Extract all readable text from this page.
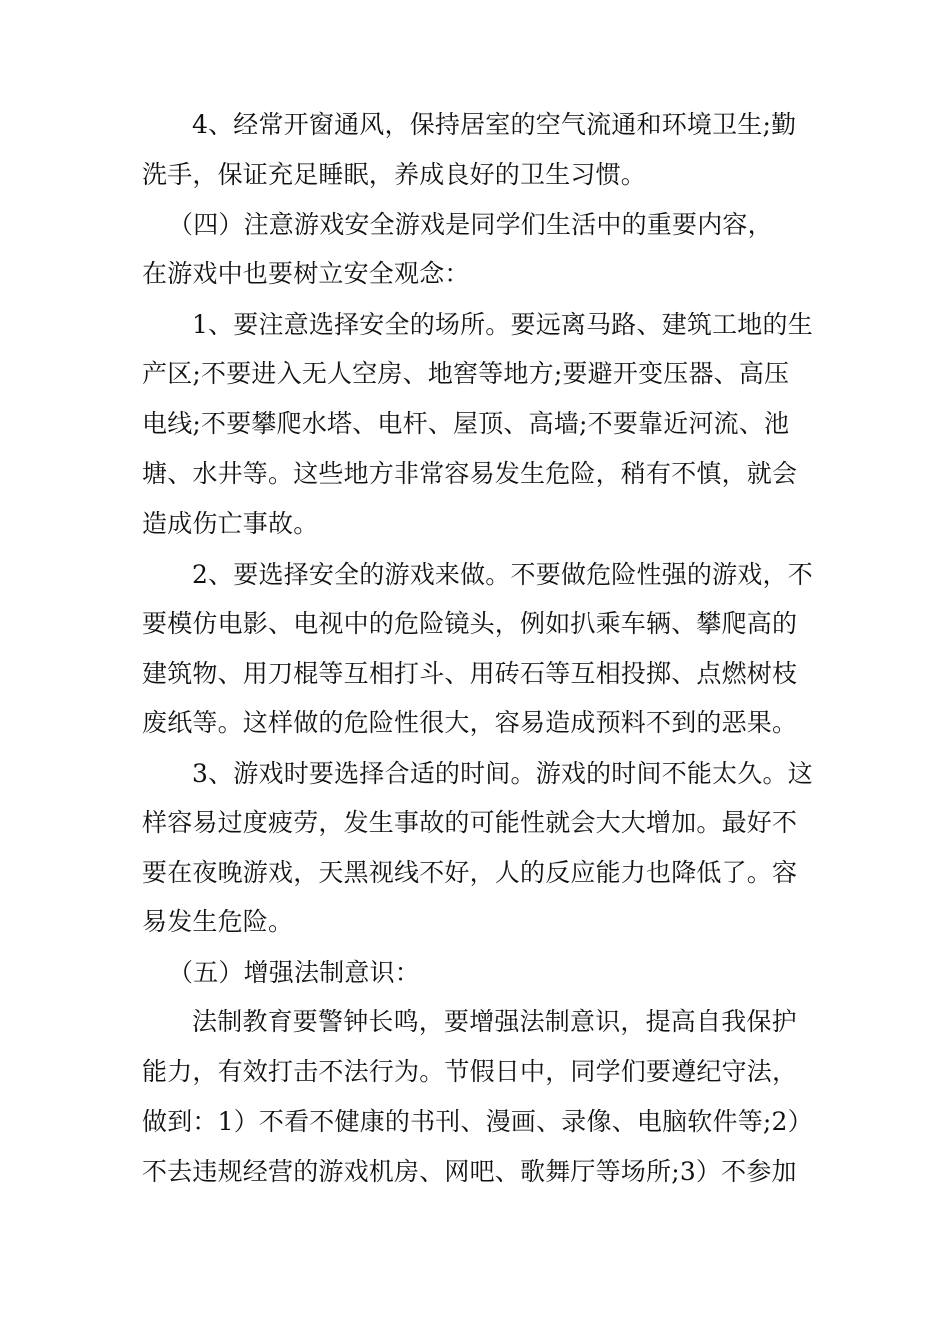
4、经常开窗通风，保持居室的空气流通和环境卫生;勤
洗手，保证充足睡眠，养成良好的卫生习惯。
（四）注意游戏安全游戏是同学们生活中的重要内容，
在游戏中也要树立安全观念：
1、要注意选择安全的场所。要远离马路、建筑工地的生
产区;不要进入无人空房、地窖等地方;要避开变压器、高压
电线;不要攀爬水塔、电杆、屋顶、高墙;不要靠近河流、池
塘、水井等。这些地方非常容易发生危险，稍有不慎，就会
造成伤亡事故。
2、要选择安全的游戏来做。不要做危险性强的游戏，不
要模仿电影、电视中的危险镜头，例如扒乘车辆、攀爬高的
建筑物、用刀棍等互相打斗、用砖石等互相投掷、点燃树枝
废纸等。这样做的危险性很大，容易造成预料不到的恶果。
3、游戏时要选择合适的时间。游戏的时间不能太久。这
样容易过度疲劳，发生事故的可能性就会大大增加。最好不
要在夜晚游戏，天黑视线不好，人的反应能力也降低了。容
易发生危险。
（五）增强法制意识：
法制教育要警钟长鸣，要增强法制意识，提高自我保护
能力，有效打击不法行为。节假日中，同学们要遵纪守法，
做到：1）不看不健康的书刊、漫画、录像、电脑软件等;2）
不去违规经营的游戏机房、网吧、歌舞厅等场所;3）不参加
